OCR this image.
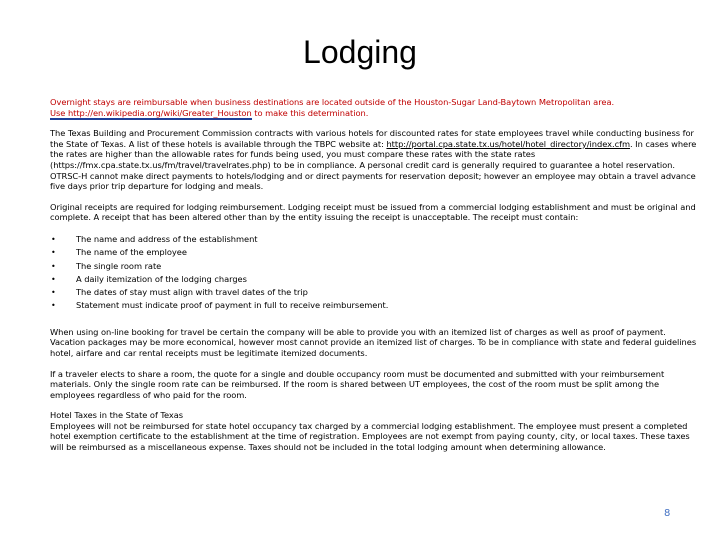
Lodging

Overnight stays are reimbursable when business destinations are located outside of the Houston-Sugar Land-Baytown Metropolitan area.
Use http://en.wikipedia.org/wiki/Greater_Houston to make this determination.

The Texas Building and Procurement Commission contracts with various hotels for discounted rates for state employees travel while conducting business for the State of Texas. A list of these hotels is available through the TBPC website at: http://portal.cpa.state.tx.us/hotel/hotel_directory/index.cfm. In cases where the rates are higher than the allowable rates for funds being used, you must compare these rates with the state rates (https://fmx.cpa.state.tx.us/fm/travel/travelrates.php) to be in compliance. A personal credit card is generally required to guarantee a hotel reservation. OTRSC-H cannot make direct payments to hotels/lodging and or direct payments for reservation deposit; however an employee may obtain a travel advance five days prior trip departure for lodging and meals.

Original receipts are required for lodging reimbursement. Lodging receipt must be issued from a commercial lodging establishment and must be original and complete. A receipt that has been altered other than by the entity issuing the receipt is unacceptable. The receipt must contain:

• The name and address of the establishment
• The name of the employee
• The single room rate
• A daily itemization of the lodging charges
• The dates of stay must align with travel dates of the trip
• Statement must indicate proof of payment in full to receive reimbursement.

When using on-line booking for travel be certain the company will be able to provide you with an itemized list of charges as well as proof of payment. Vacation packages may be more economical, however most cannot provide an itemized list of charges. To be in compliance with state and federal guidelines hotel, airfare and car rental receipts must be legitimate itemized documents.

If a traveler elects to share a room, the quote for a single and double occupancy room must be documented and submitted with your reimbursement materials. Only the single room rate can be reimbursed. If the room is shared between UT employees, the cost of the room must be split among the employees regardless of who paid for the room.

Hotel Taxes in the State of Texas

Employees will not be reimbursed for state hotel occupancy tax charged by a commercial lodging establishment. The employee must present a completed hotel exemption certificate to the establishment at the time of registration. Employees are not exempt from paying county, city, or local taxes. These taxes will be reimbursed as a miscellaneous expense. Taxes should not be included in the total lodging amount when determining allowance.

8
